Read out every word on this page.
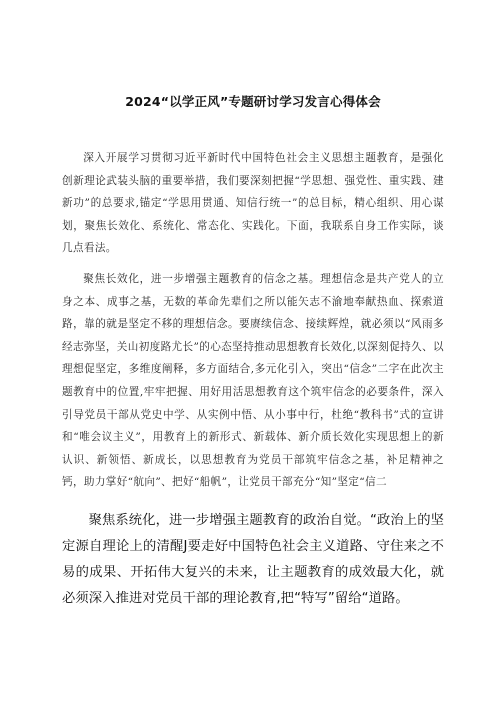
2024“以学正风”专题研讨学习发言心得体会

深入开展学习贯彻习近平新时代中国特色社会主义思想主题教育，是强化创新理论武装头脑的重要举措，我们要深刻把握“学思想、强党性、重实践、建新功”的总要求,锚定“学思用贯通、知信行统一”的总目标，精心组织、用心谋划，聚焦长效化、系统化、常态化、实践化。下面，我联系自身工作实际，谈几点看法。

聚焦长效化，进一步增强主题教育的信念之基。理想信念是共产党人的立身之本、成事之基，无数的革命先辈们之所以能矢志不渝地奉献热血、探索道路，靠的就是坚定不移的理想信念。要赓续信念、接续辉煌，就必须以“风雨多经志弥坚，关山初度路尤长”的心态坚持推动思想教育长效化,以深刻促持久、以理想促坚定，多维度阐释，多方面结合,多元化引入，突出“信念”二字在此次主题教育中的位置,牢牢把握、用好用活思想教育这个筑牢信念的必要条件，深入引导党员干部从党史中学、从实例中悟、从小事中行，杜绝“教科书”式的宣讲和“唯会议主义”，用教育上的新形式、新载体、新介质长效化实现思想上的新认识、新领悟、新成长，以思想教育为党员干部筑牢信念之基，补足精神之钙，助力掌好“航向”、把好“船帆”，让党员干部充分“知”坚定“信二

聚焦系统化，进一步增强主题教育的政治自觉。“政治上的坚定源自理论上的清醒J要走好中国特色社会主义道路、守住来之不易的成果、开拓伟大复兴的未来，让主题教育的成效最大化，就必须深入推进对党员干部的理论教育,把“特写”留给“道路。
